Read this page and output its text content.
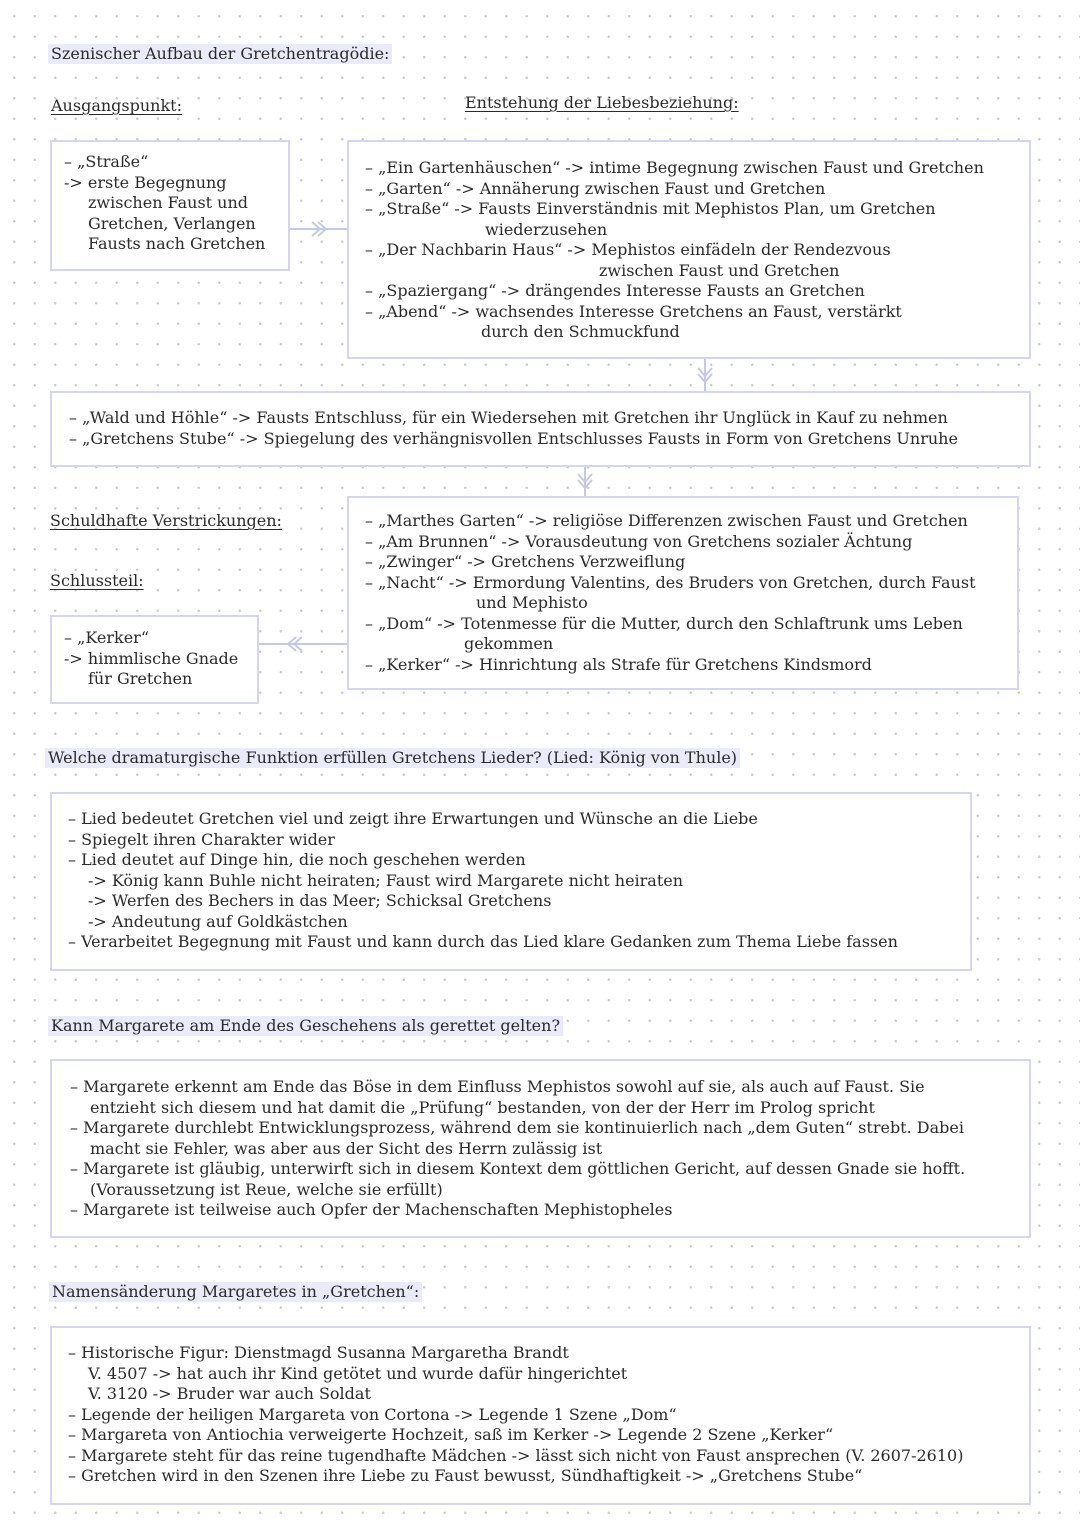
Szenischer Aufbau der Gretchentragödie:
Ausgangspunkt:	Entstehung der Liebesbeziehung:
Schuldhafte Verstrickungen:
Schlussteil:
– „Straße“
-> erste Begegnung
zwischen Faust und
Gretchen, Verlangen
Fausts nach Gretchen
– „Ein Gartenhäuschen“ -> intime Begegnung zwischen Faust und Gretchen
– „Garten“ -> Annäherung zwischen Faust und Gretchen
– „Straße“ -> Fausts Einverständnis mit Mephistos Plan, um Gretchen
wiederzusehen
– „Der Nachbarin Haus“ -> Mephistos einfädeln der Rendezvous
zwischen Faust und Gretchen
– „Spaziergang“ -> drängendes Interesse Fausts an Gretchen
– „Abend“ -> wachsendes Interesse Gretchens an Faust, verstärkt
durch den Schmuckfund
– „Wald und Höhle“ -> Fausts Entschluss, für ein Wiedersehen mit Gretchen ihr Unglück in Kauf zu nehmen
– „Gretchens Stube“ -> Spiegelung des verhängnisvollen Entschlusses Fausts in Form von Gretchens Unruhe
– „Marthes Garten“ -> religiöse Differenzen zwischen Faust und Gretchen
– „Am Brunnen“ -> Vorausdeutung von Gretchens sozialer Ächtung
– „Zwinger“ -> Gretchens Verzweiflung
– „Nacht“ -> Ermordung Valentins, des Bruders von Gretchen, durch Faust
und Mephisto
– „Dom“ -> Totenmesse für die Mutter, durch den Schlaftrunk ums Leben
gekommen
– „Kerker“ -> Hinrichtung als Strafe für Gretchens Kindsmord
– „Kerker“
-> himmlische Gnade
für Gretchen
Welche dramaturgische Funktion erfüllen Gretchens Lieder? (Lied: König von Thule)
– Lied bedeutet Gretchen viel und zeigt ihre Erwartungen und Wünsche an die Liebe
– Spiegelt ihren Charakter wider
– Lied deutet auf Dinge hin, die noch geschehen werden
-> König kann Buhle nicht heiraten; Faust wird Margarete nicht heiraten
-> Werfen des Bechers in das Meer; Schicksal Gretchens
-> Andeutung auf Goldkästchen
– Verarbeitet Begegnung mit Faust und kann durch das Lied klare Gedanken zum Thema Liebe fassen
Kann Margarete am Ende des Geschehens als gerettet gelten?
– Margarete erkennt am Ende das Böse in dem Einfluss Mephistos sowohl auf sie, als auch auf Faust. Sie
entzieht sich diesem und hat damit die „Prüfung“ bestanden, von der der Herr im Prolog spricht
– Margarete durchlebt Entwicklungsprozess, während dem sie kontinuierlich nach „dem Guten“ strebt. Dabei
macht sie Fehler, was aber aus der Sicht des Herrn zulässig ist
– Margarete ist gläubig, unterwirft sich in diesem Kontext dem göttlichen Gericht, auf dessen Gnade sie hofft.
(Voraussetzung ist Reue, welche sie erfüllt)
– Margarete ist teilweise auch Opfer der Machenschaften Mephistopheles
Namensänderung Margaretes in „Gretchen“:
– Historische Figur: Dienstmagd Susanna Margaretha Brandt
V. 4507 -> hat auch ihr Kind getötet und wurde dafür hingerichtet
V. 3120 -> Bruder war auch Soldat
– Legende der heiligen Margareta von Cortona -> Legende 1 Szene „Dom“
– Margareta von Antiochia verweigerte Hochzeit, saß im Kerker -> Legende 2 Szene „Kerker“
– Margarete steht für das reine tugendhafte Mädchen -> lässt sich nicht von Faust ansprechen (V. 2607-2610)
– Gretchen wird in den Szenen ihre Liebe zu Faust bewusst, Sündhaftigkeit -> „Gretchens Stube“
